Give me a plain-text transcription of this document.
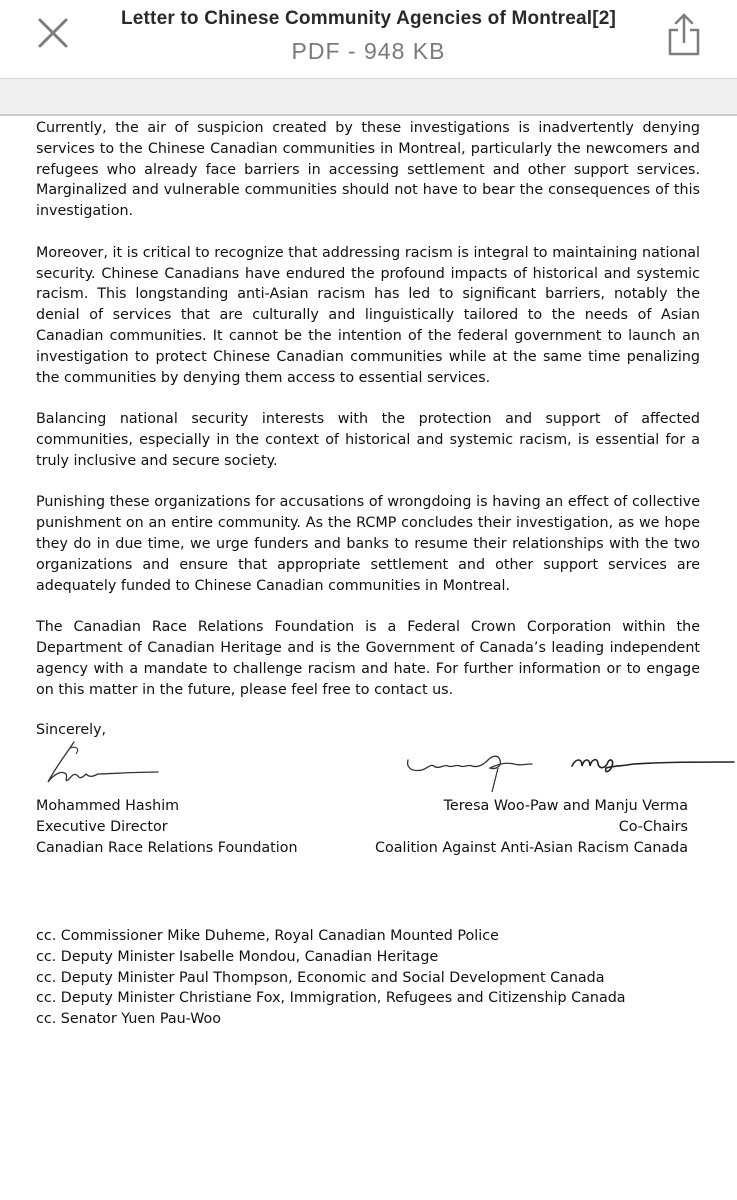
Letter to Chinese Community Agencies of Montreal[2]
PDF - 948 KB

Currently, the air of suspicion created by these investigations is inadvertently denying services to the Chinese Canadian communities in Montreal, particularly the newcomers and refugees who already face barriers in accessing settlement and other support services. Marginalized and vulnerable communities should not have to bear the consequences of this investigation.

Moreover, it is critical to recognize that addressing racism is integral to maintaining national security. Chinese Canadians have endured the profound impacts of historical and systemic racism. This longstanding anti-Asian racism has led to significant barriers, notably the denial of services that are culturally and linguistically tailored to the needs of Asian Canadian communities. It cannot be the intention of the federal government to launch an investigation to protect Chinese Canadian communities while at the same time penalizing the communities by denying them access to essential services.

Balancing national security interests with the protection and support of affected communities, especially in the context of historical and systemic racism, is essential for a truly inclusive and secure society.

Punishing these organizations for accusations of wrongdoing is having an effect of collective punishment on an entire community. As the RCMP concludes their investigation, as we hope they do in due time, we urge funders and banks to resume their relationships with the two organizations and ensure that appropriate settlement and other support services are adequately funded to Chinese Canadian communities in Montreal.

The Canadian Race Relations Foundation is a Federal Crown Corporation within the Department of Canadian Heritage and is the Government of Canada’s leading independent agency with a mandate to challenge racism and hate. For further information or to engage on this matter in the future, please feel free to contact us.

Sincerely,
Mohammed Hashim
Executive Director
Canadian Race Relations Foundation
Teresa Woo-Paw and Manju Verma
Co-Chairs
Coalition Against Anti-Asian Racism Canada
cc. Commissioner Mike Duheme, Royal Canadian Mounted Police
cc. Deputy Minister Isabelle Mondou, Canadian Heritage
cc. Deputy Minister Paul Thompson, Economic and Social Development Canada
cc. Deputy Minister Christiane Fox, Immigration, Refugees and Citizenship Canada
cc. Senator Yuen Pau-Woo
